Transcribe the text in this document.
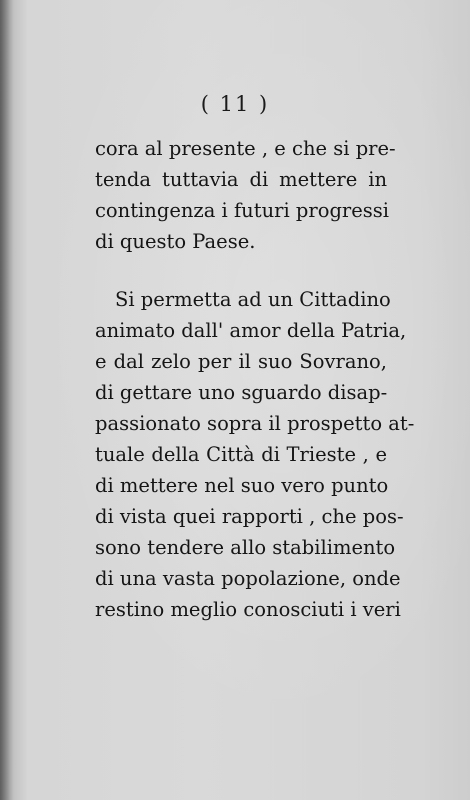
( 11 )
cora al presente , e che si pre-
tenda tuttavia di mettere in
contingenza i futuri progressi
di questo Paese.
Si permetta ad un Cittadino
animato dall' amor della Patria,
e dal zelo per il suo Sovrano,
di gettare uno sguardo disap-
passionato sopra il prospetto at-
tuale della Città di Trieste , e
di mettere nel suo vero punto
di vista quei rapporti , che pos-
sono tendere allo stabilimento
di una vasta popolazione, onde
restino meglio conosciuti i veri
